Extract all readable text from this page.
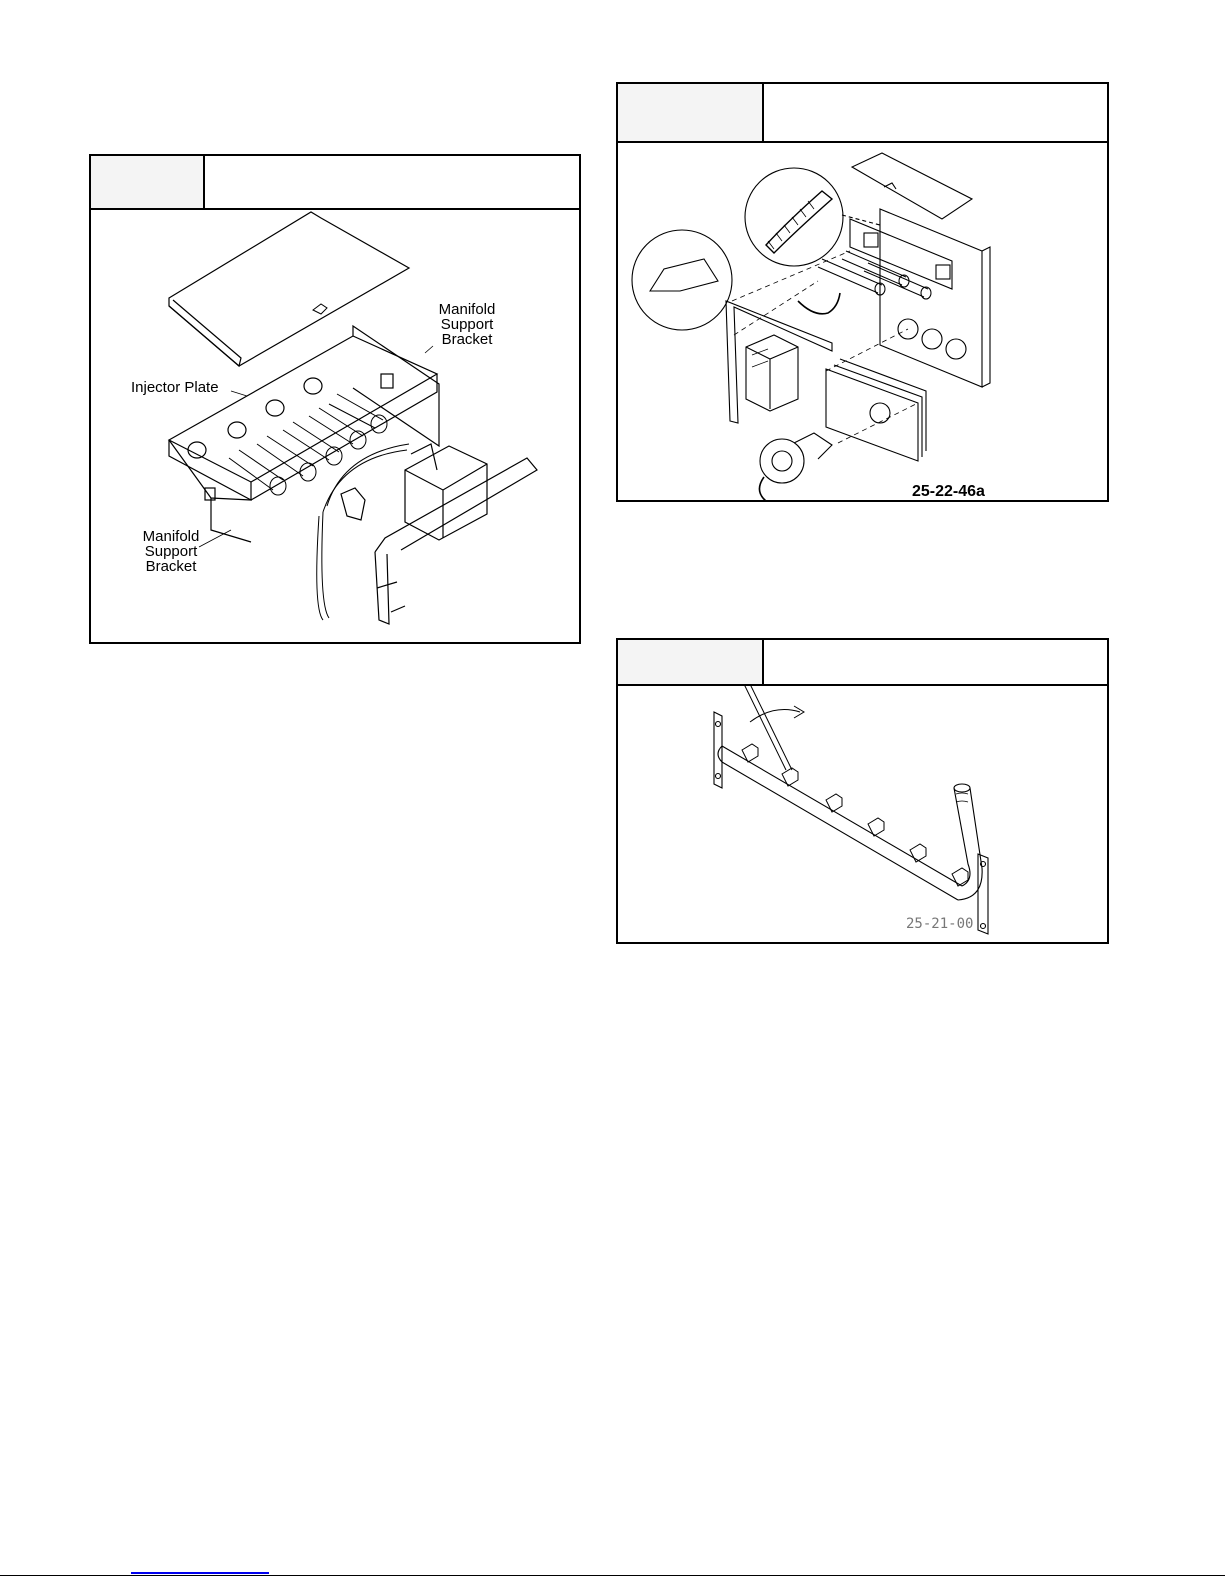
Injector Plate
Manifold
Support
Bracket
Manifold
Support
Bracket
25-22-46a
25-21-00
